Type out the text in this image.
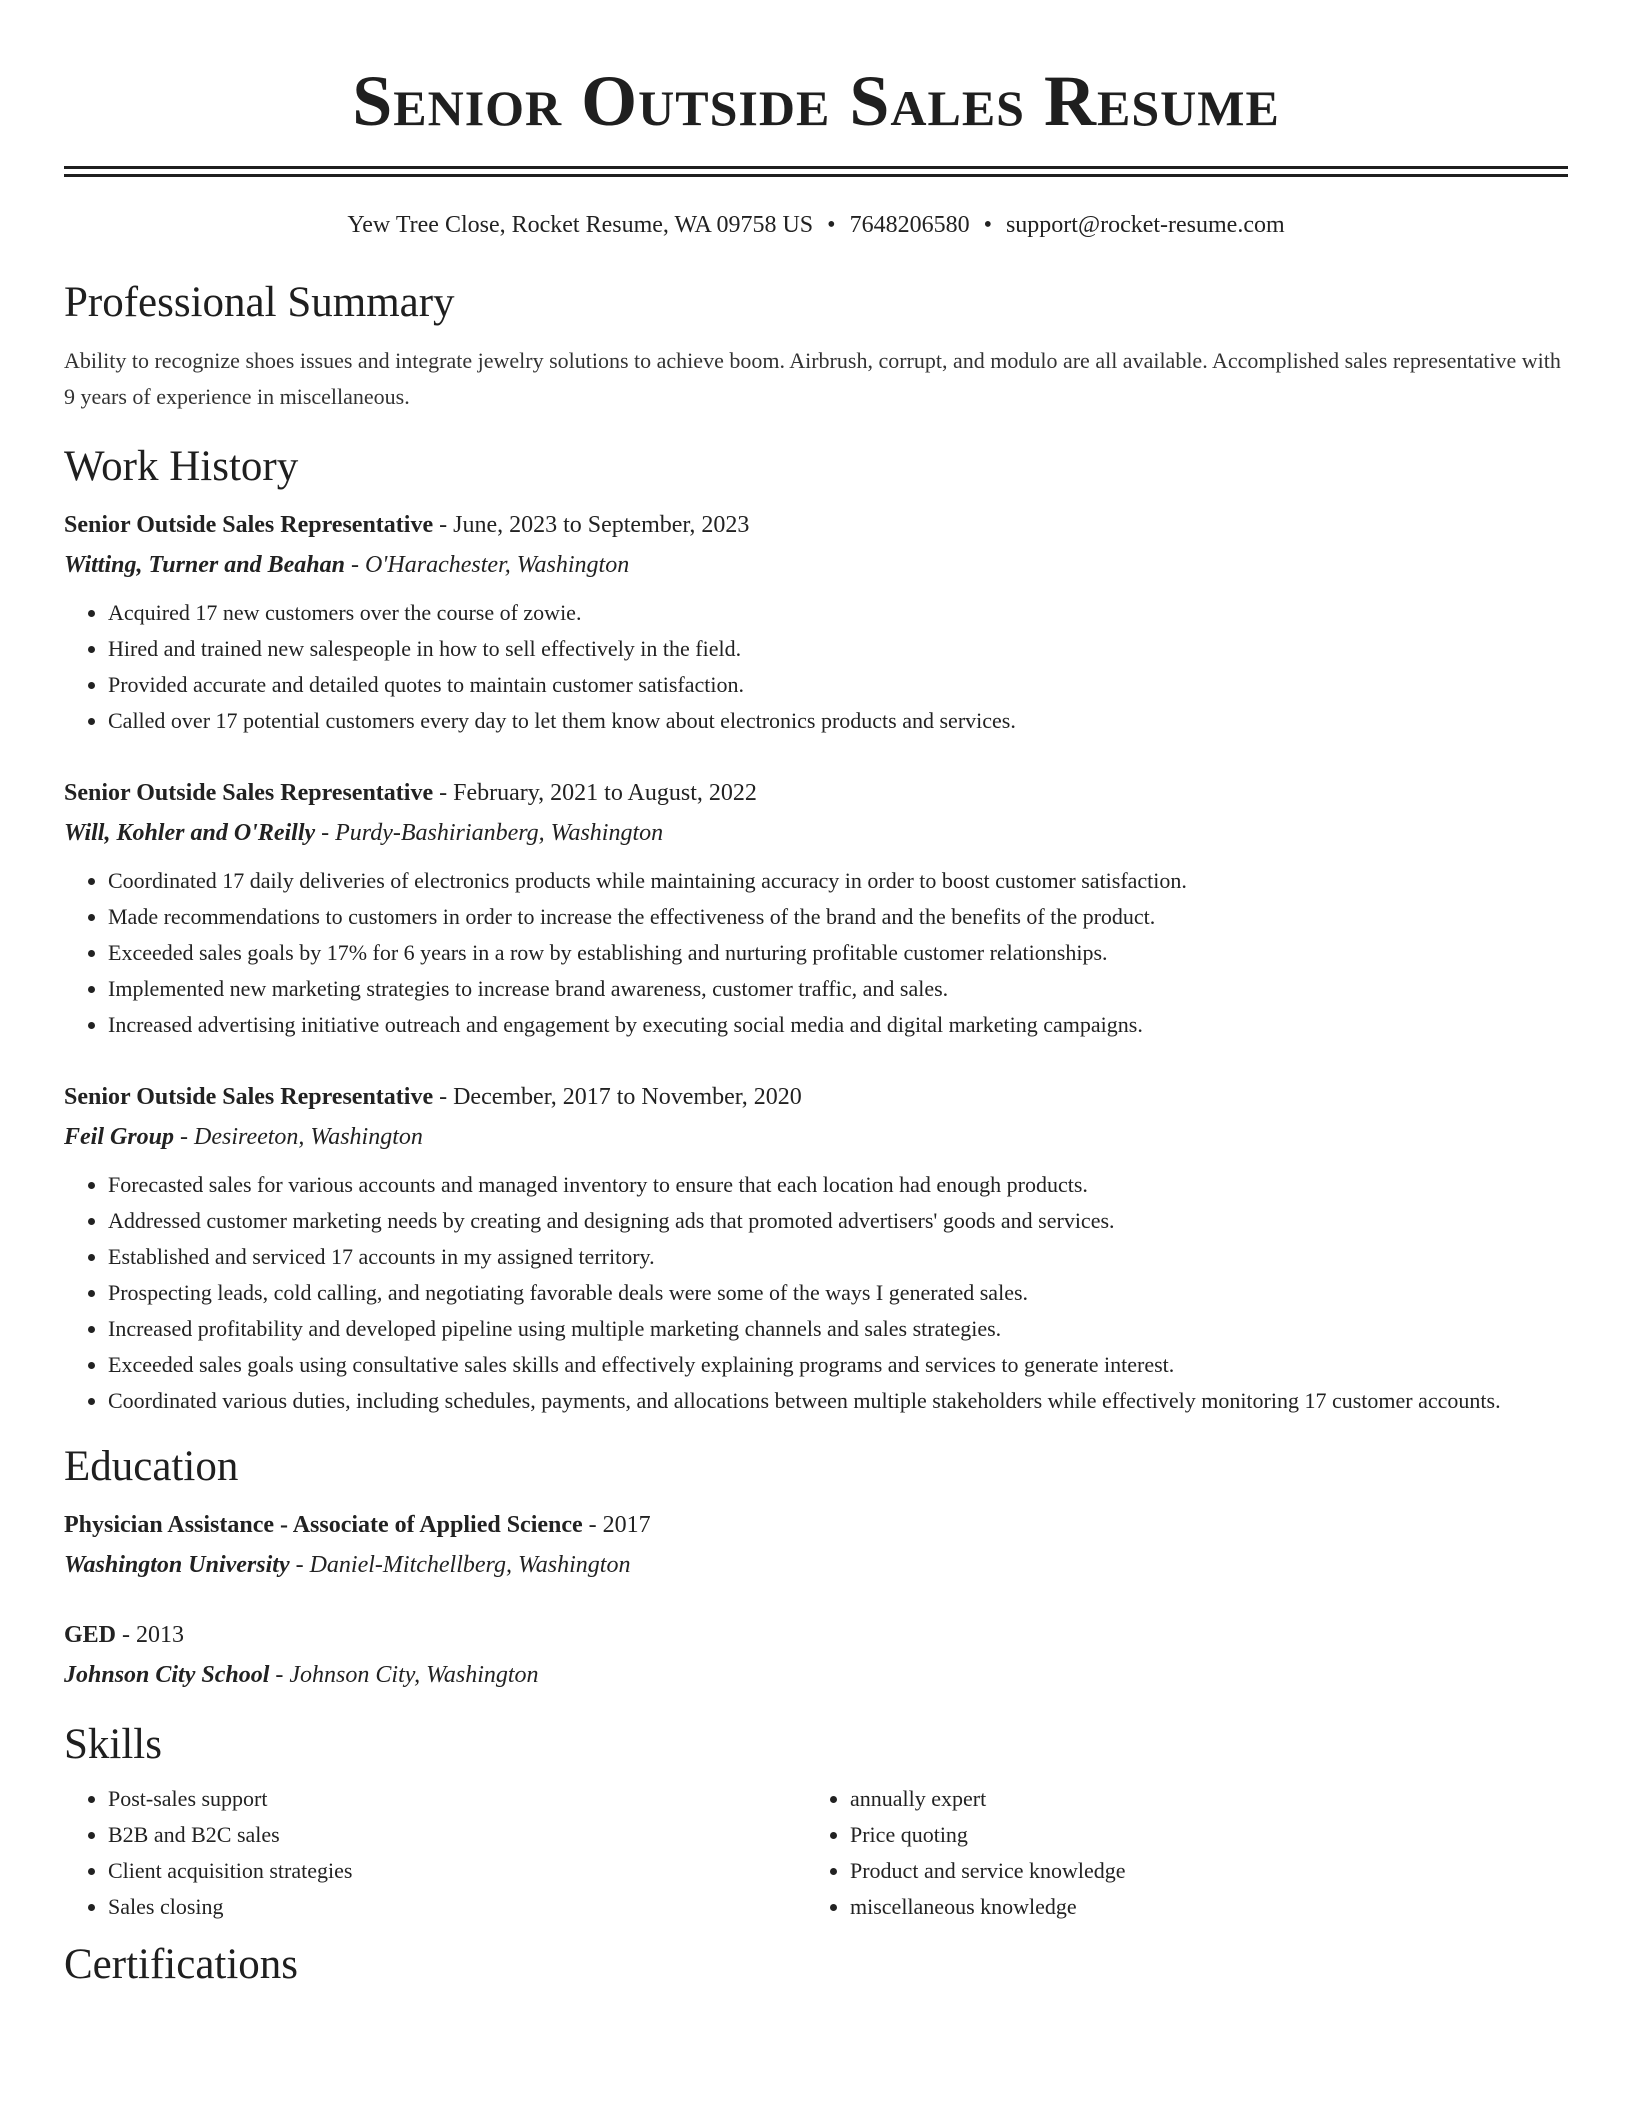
Senior Outside Sales Resume
Yew Tree Close, Rocket Resume, WA 09758 US • 7648206580 • support@rocket-resume.com
Professional Summary

Ability to recognize shoes issues and integrate jewelry solutions to achieve boom. Airbrush, corrupt, and modulo are all available. Accomplished sales representative with 9 years of experience in miscellaneous.

Work History
Senior Outside Sales Representative - June, 2023 to September, 2023
Witting, Turner and Beahan - O'Harachester, Washington
• Acquired 17 new customers over the course of zowie.
• Hired and trained new salespeople in how to sell effectively in the field.
• Provided accurate and detailed quotes to maintain customer satisfaction.
• Called over 17 potential customers every day to let them know about electronics products and services.
Senior Outside Sales Representative - February, 2021 to August, 2022
Will, Kohler and O'Reilly - Purdy-Bashirianberg, Washington
• Coordinated 17 daily deliveries of electronics products while maintaining accuracy in order to boost customer satisfaction.
• Made recommendations to customers in order to increase the effectiveness of the brand and the benefits of the product.
• Exceeded sales goals by 17% for 6 years in a row by establishing and nurturing profitable customer relationships.
• Implemented new marketing strategies to increase brand awareness, customer traffic, and sales.
• Increased advertising initiative outreach and engagement by executing social media and digital marketing campaigns.
Senior Outside Sales Representative - December, 2017 to November, 2020
Feil Group - Desireeton, Washington
• Forecasted sales for various accounts and managed inventory to ensure that each location had enough products.
• Addressed customer marketing needs by creating and designing ads that promoted advertisers' goods and services.
• Established and serviced 17 accounts in my assigned territory.
• Prospecting leads, cold calling, and negotiating favorable deals were some of the ways I generated sales.
• Increased profitability and developed pipeline using multiple marketing channels and sales strategies.
• Exceeded sales goals using consultative sales skills and effectively explaining programs and services to generate interest.
• Coordinated various duties, including schedules, payments, and allocations between multiple stakeholders while effectively monitoring 17 customer accounts.
Education
Physician Assistance - Associate of Applied Science - 2017
Washington University - Daniel-Mitchellberg, Washington
GED - 2013
Johnson City School - Johnson City, Washington
Skills
• Post-sales support
• B2B and B2C sales
• Client acquisition strategies
• Sales closing
• annually expert
• Price quoting
• Product and service knowledge
• miscellaneous knowledge
Certifications
